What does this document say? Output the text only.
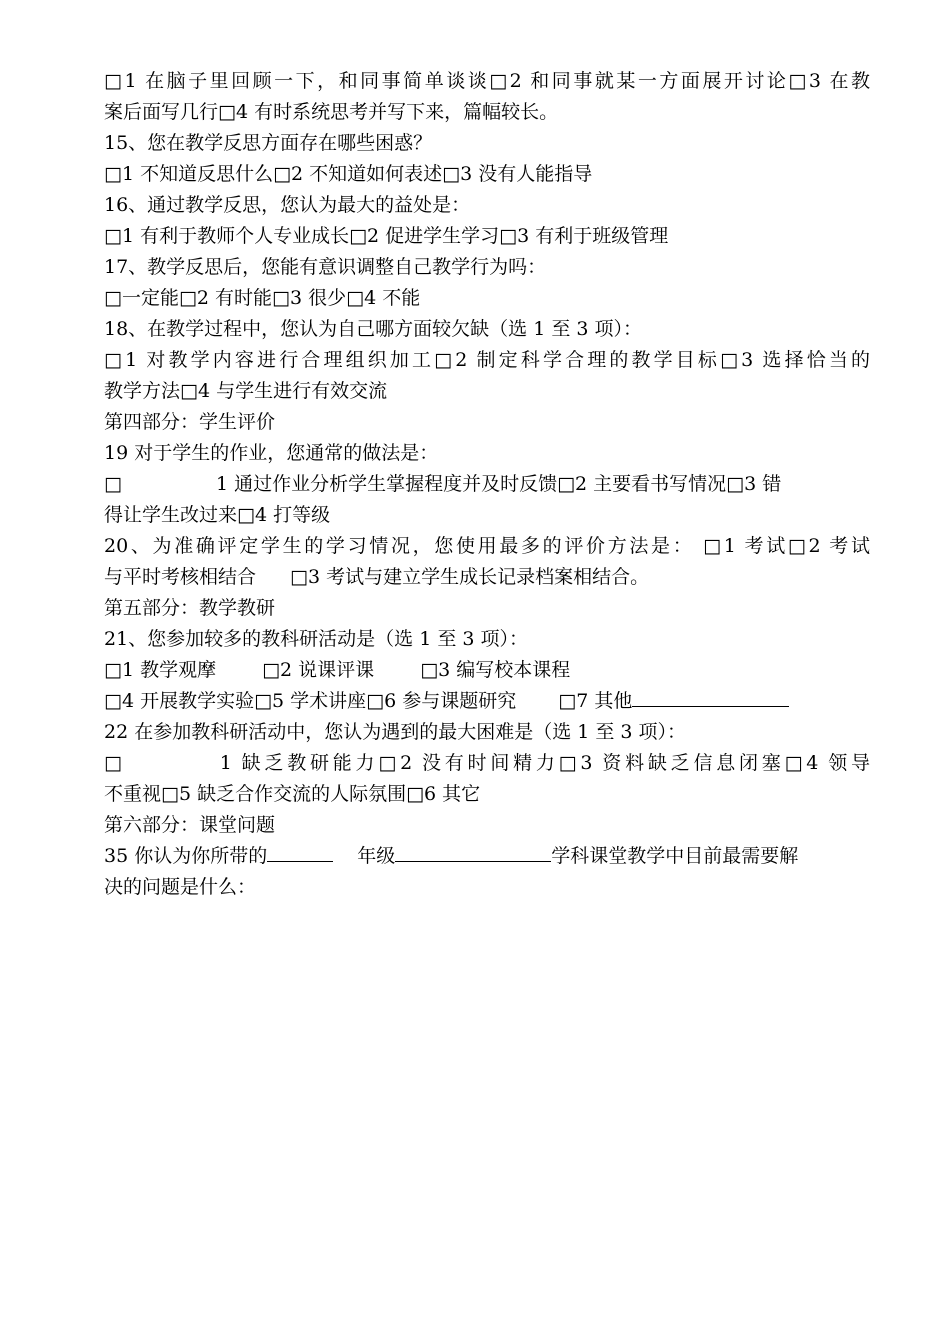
□1 在脑子里回顾一下，和同事简单谈谈□2 和同事就某一方面展开讨论□3 在教
案后面写几行□4 有时系统思考并写下来，篇幅较长。
15、您在教学反思方面存在哪些困惑？
□1 不知道反思什么□2 不知道如何表述□3 没有人能指导
16、通过教学反思，您认为最大的益处是：
□1 有利于教师个人专业成长□2 促进学生学习□3 有利于班级管理
17、教学反思后，您能有意识调整自己教学行为吗：
□一定能□2 有时能□3 很少□4 不能
18、在教学过程中，您认为自己哪方面较欠缺（选 1 至 3 项）：
□1 对教学内容进行合理组织加工□2 制定科学合理的教学目标□3 选择恰当的
教学方法□4 与学生进行有效交流
第四部分：学生评价
19 对于学生的作业，您通常的做法是：
□	1 通过作业分析学生掌握程度并及时反馈□2 主要看书写情况□3 错
得让学生改过来□4 打等级
20、为准确评定学生的学习情况，您使用最多的评价方法是： □1 考试□2 考试
与平时考核相结合 □3 考试与建立学生成长记录档案相结合。
第五部分：教学教研
21、您参加较多的教科研活动是（选 1 至 3 项）：
□1 教学观摩 □2 说课评课 □3 编写校本课程
□4 开展教学实验□5 学术讲座□6 参与课题研究 □7 其他
22 在参加教科研活动中，您认为遇到的最大困难是（选 1 至 3 项）：
□	1 缺乏教研能力□2 没有时间精力□3 资料缺乏信息闭塞□4 领导
不重视□5 缺乏合作交流的人际氛围□6 其它
第六部分：课堂问题
35 你认为你所带的	年级	学科课堂教学中目前最需要解
决的问题是什么：
